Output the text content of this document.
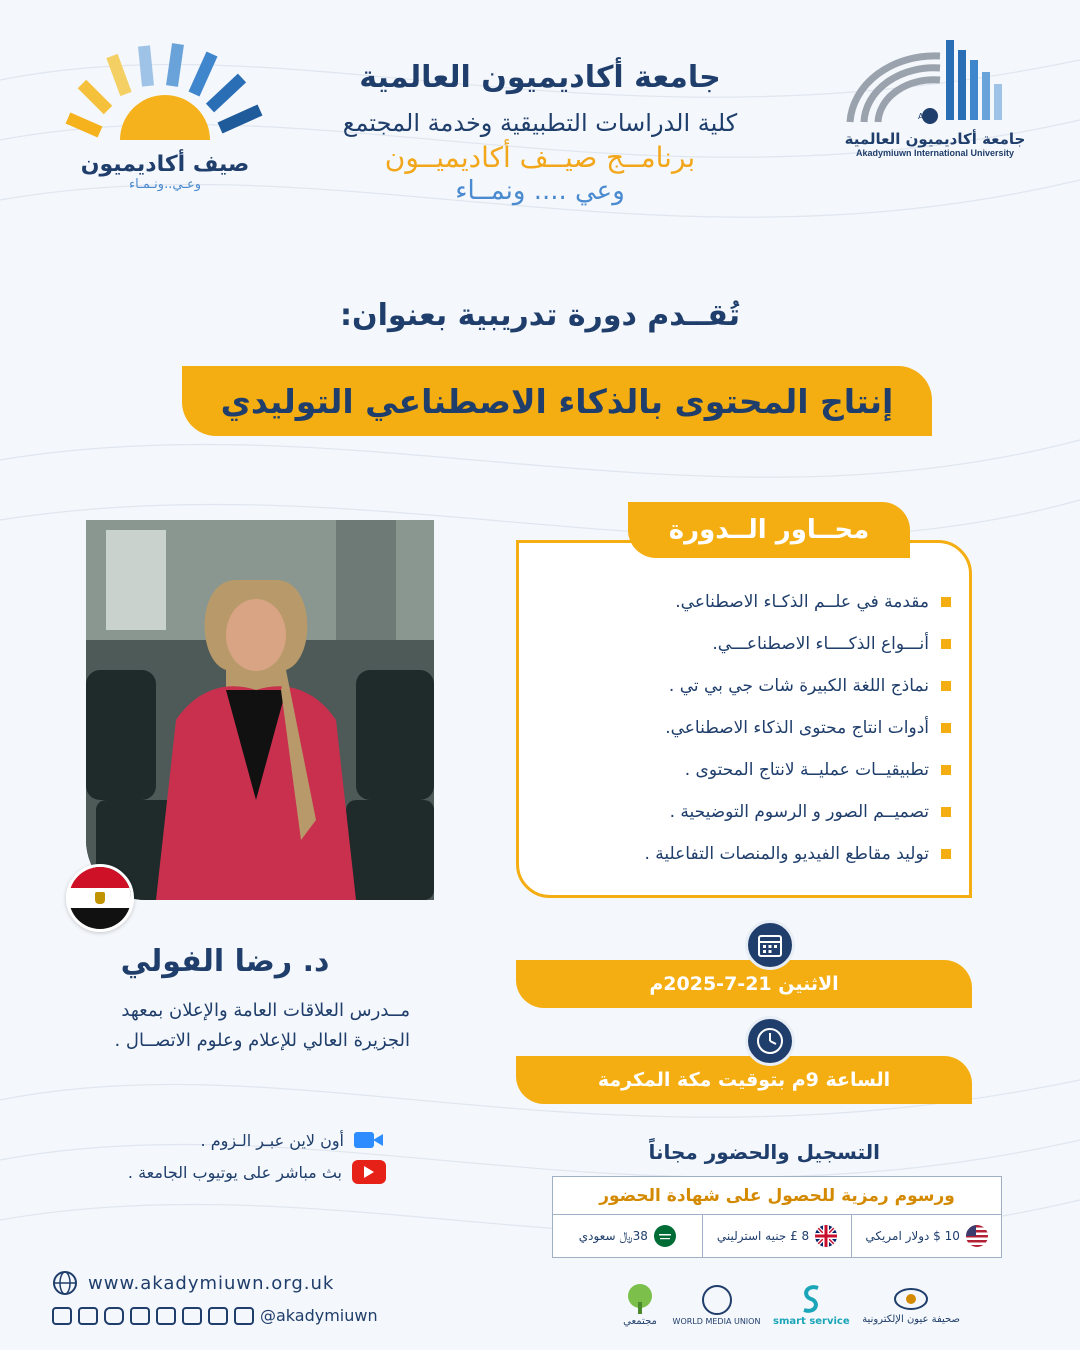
صيف أكاديميون
وعـي..ونـمـاء
AIU
جامعة أكاديميون العالمية
Akadymiuwn International University
جامعة أكاديميون العالمية
كلية الدراسات التطبيقية وخدمة المجتمع
برنامــج صيــف أكاديميــون
وعي .... ونمــاء
تُقــدم دورة تدريبية بعنوان:
إنتاج المحتوى بالذكاء الاصطناعي التوليدي
محــاور الــدورة
مقدمة في علــم الذكـاء الاصطناعي.
أنـــواع الذكــــاء الاصطناعـــي.
نماذج اللغة الكبيرة شات جي بي تي .
أدوات انتاج محتوى الذكاء الاصطناعي.
تطبيقيــات عمليــة لانتاج المحتوى .
تصميــم الصور و الرسوم التوضيحية .
توليد مقاطع الفيديو والمنصات التفاعلية .
د. رضا الفولي
مــدرس العلاقات العامة والإعلان بمعهد الجزيرة العالي للإعلام وعلوم الاتصــال .
أون لاين عبـر الـزوم .
بث مباشر على يوتيوب الجامعة .
الاثنين 21-7-2025م
الساعة 9م بتوقيت مكة المكرمة
التسجيل والحضور مجاناً
ورسوم رمزية للحصول على شهادة الحضور
10 $ دولار امريكي
8 £ جنيه استرليني
38﷼ سعودي
www.akadymiuwn.org.uk
@akadymiuwn	مجتمعي WORLD MEDIA UNION smart service صحيفة عيون الإلكترونية
